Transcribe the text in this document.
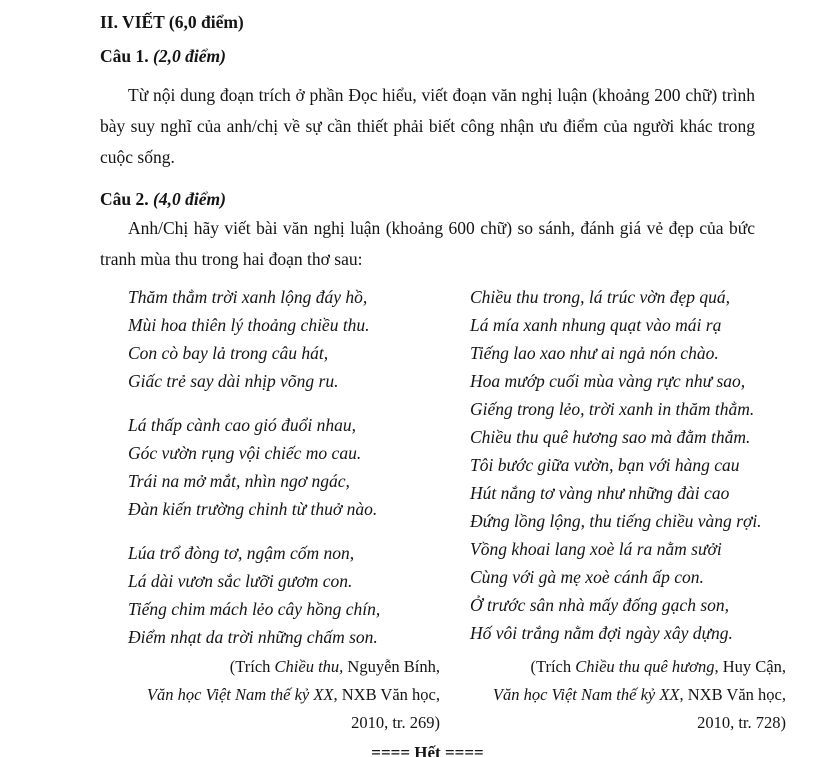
II. VIẾT (6,0 điểm)
Câu 1. (2,0 điểm)

Từ nội dung đoạn trích ở phần Đọc hiểu, viết đoạn văn nghị luận (khoảng 200 chữ) trình bày suy nghĩ của anh/chị về sự cần thiết phải biết công nhận ưu điểm của người khác trong cuộc sống.

Câu 2. (4,0 điểm)

Anh/Chị hãy viết bài văn nghị luận (khoảng 600 chữ) so sánh, đánh giá vẻ đẹp của bức tranh mùa thu trong hai đoạn thơ sau:

Thăm thẳm trời xanh lộng đáy hồ,
Mùi hoa thiên lý thoảng chiều thu.
Con cò bay lả trong câu hát,
Giấc trẻ say dài nhịp võng ru.
Lá thấp cành cao gió đuổi nhau,
Góc vườn rụng vội chiếc mo cau.
Trái na mở mắt, nhìn ngơ ngác,
Đàn kiến trường chinh từ thuở nào.
Lúa trổ đòng tơ, ngậm cốm non,
Lá dài vươn sắc lưỡi gươm con.
Tiếng chim mách lẻo cây hồng chín,
Điểm nhạt da trời những chấm son.
Chiều thu trong, lá trúc vờn đẹp quá,
Lá mía xanh nhung quạt vào mái rạ
Tiếng lao xao như ai ngả nón chào.
Hoa mướp cuối mùa vàng rực như sao,
Giếng trong lẻo, trời xanh in thăm thẳm.
Chiều thu quê hương sao mà đằm thắm.
Tôi bước giữa vườn, bạn với hàng cau
Hút nắng tơ vàng như những đài cao
Đứng lồng lộng, thu tiếng chiều vàng rợi.
Vồng khoai lang xoè lá ra nằm sưởi
Cùng với gà mẹ xoè cánh ấp con.
Ở trước sân nhà mấy đống gạch son,
Hố vôi trắng nằm đợi ngày xây dựng.
(Trích Chiều thu, Nguyễn Bính,
Văn học Việt Nam thế kỷ XX, NXB Văn học,
2010, tr. 269)
(Trích Chiều thu quê hương, Huy Cận,
Văn học Việt Nam thế kỷ XX, NXB Văn học,
2010, tr. 728)
==== Hết ====
